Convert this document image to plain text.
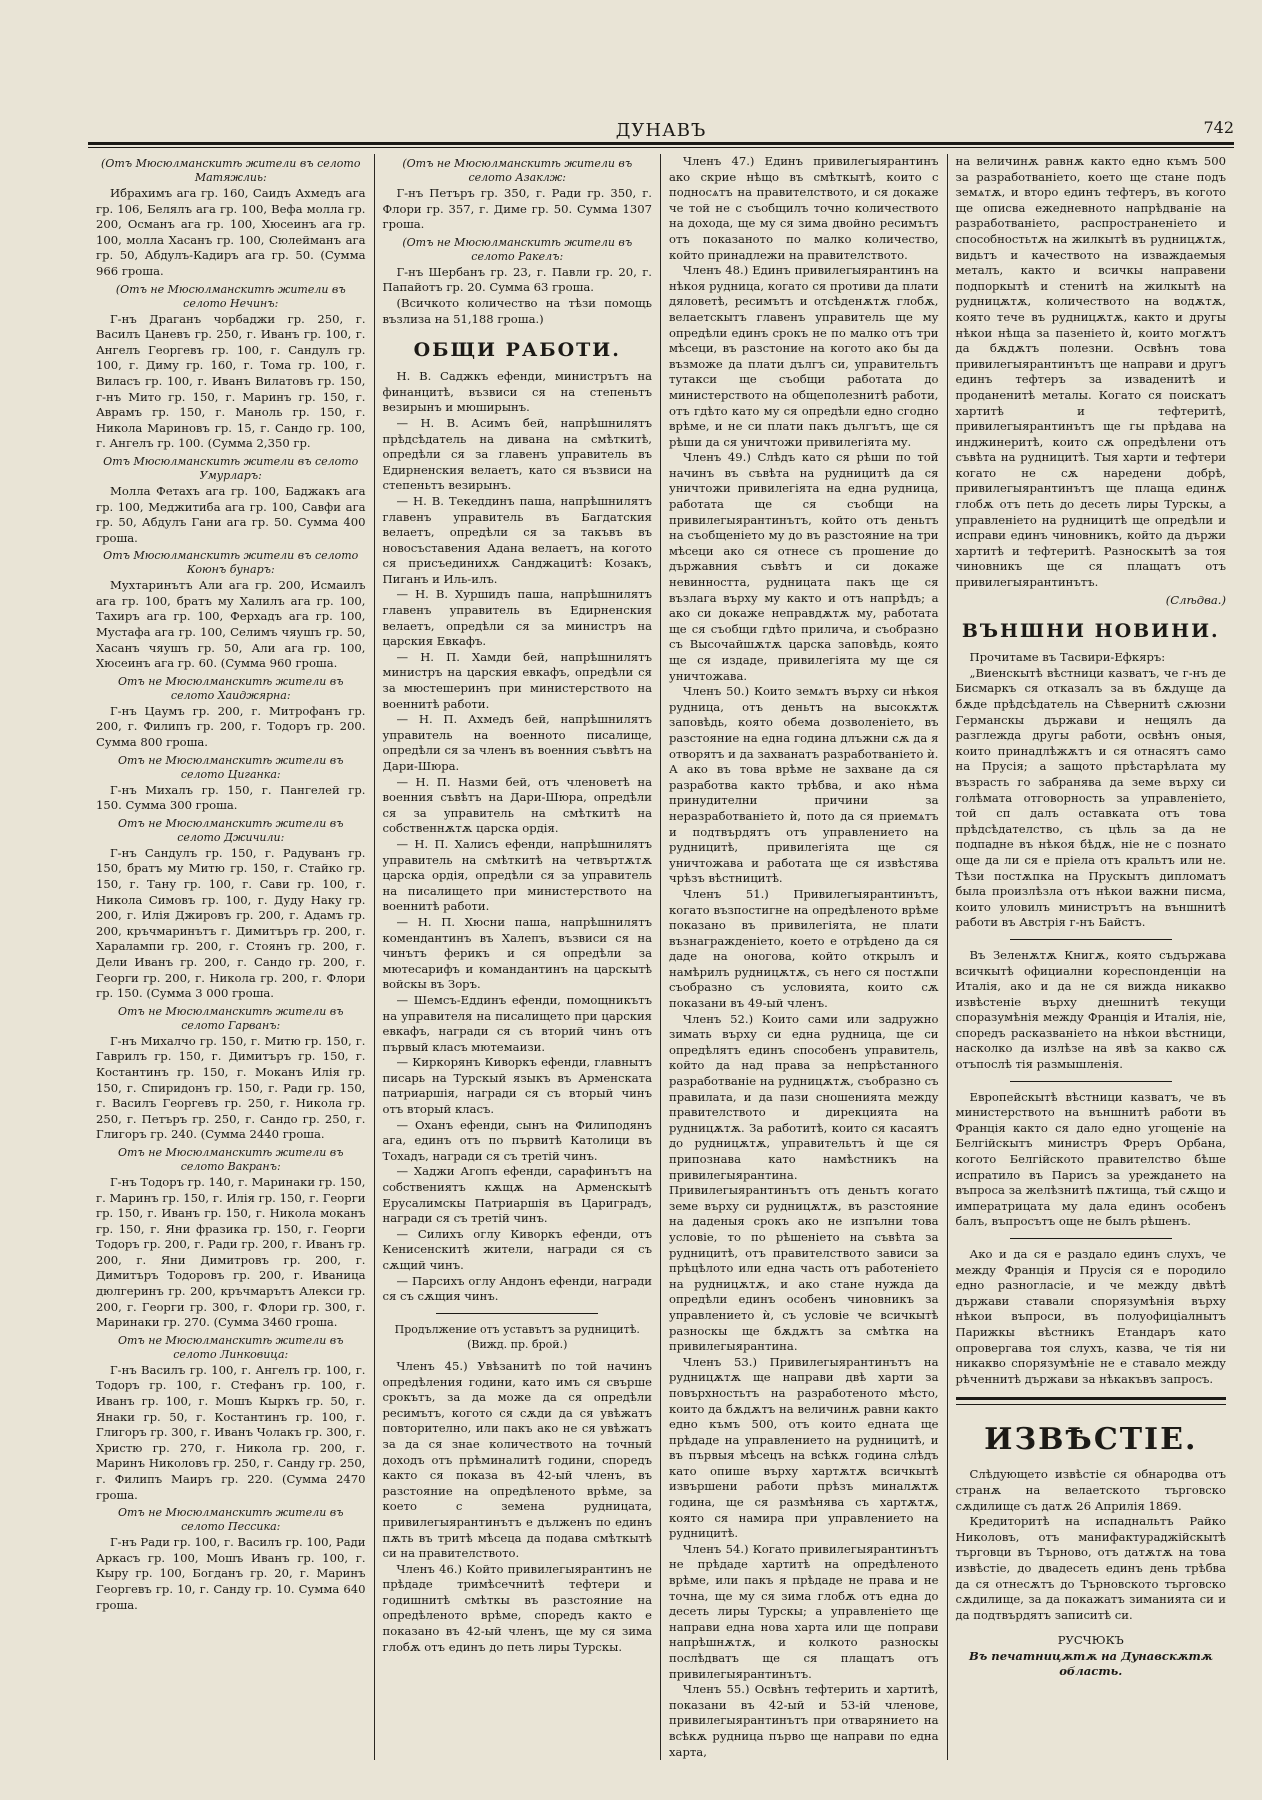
ДУНАВЪ	742
(Отъ Мюсюлманскитѣ жители въ селото Матяжлиь:

Ибрахимъ ага гр. 160, Саидъ Ахмедъ ага гр. 106, Белялъ ага гр. 100, Вефа молла гр. 200, Османъ ага гр. 100, Хюсеинъ ага гр. 100, молла Хасанъ гр. 100, Сюлейманъ ага гр. 50, Абдулъ-Кадиръ ага гр. 50. (Сумма 966 гроша.

(Отъ не Мюсюлманскитѣ жители въ селото Нечинъ:

Г-нъ Драганъ чорбаджи гр. 250, г. Василъ Цаневъ гр. 250, г. Иванъ гр. 100, г. Ангелъ Георгевъ гр. 100, г. Сандулъ гр. 100, г. Диму гр. 160, г. Тома гр. 100, г. Виласъ гр. 100, г. Иванъ Вилатовъ гр. 150, г-нъ Мито гр. 150, г. Маринъ гр. 150, г. Аврамъ гр. 150, г. Маноль гр. 150, г. Никола Мариновъ гр. 15, г. Сандо гр. 100, г. Ангелъ гр. 100. (Сумма 2,350 гр.

Отъ Мюсюлманскитѣ жители въ селото Умурларъ:

Молла Фетахъ ага гр. 100, Баджакъ ага гр. 100, Меджитиба ага гр. 100, Савфи ага гр. 50, Абдулъ Гани ага гр. 50. Сумма 400 гроша.

Отъ Мюсюлманскитѣ жители въ селото Коюнъ бунаръ:

Мухтаринътъ Али ага гр. 200, Исмаилъ ага гр. 100, братъ му Халилъ ага гр. 100, Тахиръ ага гр. 100, Ферхадъ ага гр. 100, Мустафа ага гр. 100, Селимъ чяушъ гр. 50, Хасанъ чяушъ гр. 50, Али ага гр. 100, Хюсеинъ ага гр. 60. (Сумма 960 гроша.

Отъ не Мюсюлманскитѣ жители въ селото Хаиджярна:

Г-нъ Цаумъ гр. 200, г. Митрофанъ гр. 200, г. Филипъ гр. 200, г. Тодоръ гр. 200. Сумма 800 гроша.

Отъ не Мюсюлманскитѣ жители въ селото Циганка:

Г-нъ Михалъ гр. 150, г. Пангелей гр. 150. Сумма 300 гроша.

Отъ не Мюсюлманскитѣ жители въ селото Джичили:

Г-нъ Сандулъ гр. 150, г. Радуванъ гр. 150, братъ му Митю гр. 150, г. Стайко гр. 150, г. Тану гр. 100, г. Сави гр. 100, г. Никола Симовъ гр. 100, г. Дуду Наку гр. 200, г. Илія Джировъ гр. 200, г. Адамъ гр. 200, кръчмаринътъ г. Димитъръ гр. 200, г. Харалампи гр. 200, г. Стоянъ гр. 200, г. Дели Иванъ гр. 200, г. Сандо гр. 200, г. Георги гр. 200, г. Никола гр. 200, г. Флори гр. 150. (Сумма 3 000 гроша.

Отъ не Мюсюлманскитѣ жители въ селото Гарванъ:

Г-нъ Михалчо гр. 150, г. Митю гр. 150, г. Гаврилъ гр. 150, г. Димитъръ гр. 150, г. Костантинъ гр. 150, г. Моканъ Илія гр. 150, г. Спиридонъ гр. 150, г. Ради гр. 150, г. Василъ Георгевъ гр. 250, г. Никола гр. 250, г. Петъръ гр. 250, г. Сандо гр. 250, г. Глигоръ гр. 240. (Сумма 2440 гроша.

Отъ не Мюсюлманскитѣ жители въ селото Вакранъ:

Г-нъ Тодоръ гр. 140, г. Маринаки гр. 150, г. Маринъ гр. 150, г. Илія гр. 150, г. Георги гр. 150, г. Иванъ гр. 150, г. Никола моканъ гр. 150, г. Яни фразика гр. 150, г. Георги Тодоръ гр. 200, г. Ради гр. 200, г. Иванъ гр. 200, г. Яни Димитровъ гр. 200, г. Димитъръ Тодоровъ гр. 200, г. Иваница дюлгеринъ гр. 200, кръчмарътъ Алекси гр. 200, г. Георги гр. 300, г. Флори гр. 300, г. Маринаки гр. 270. (Сумма 3460 гроша.

Отъ не Мюсюлманскитѣ жители въ селото Линковица:

Г-нъ Василъ гр. 100, г. Ангелъ гр. 100, г. Тодоръ гр. 100, г. Стефанъ гр. 100, г. Иванъ гр. 100, г. Мошъ Кыркъ гр. 50, г. Янаки гр. 50, г. Костантинъ гр. 100, г. Глигоръ гр. 300, г. Иванъ Чолакъ гр. 300, г. Христю гр. 270, г. Никола гр. 200, г. Маринъ Николовъ гр. 250, г. Санду гр. 250, г. Филипъ Маиръ гр. 220. (Сумма 2470 гроша.

Отъ не Мюсюлманскитѣ жители въ селото Пессика:

Г-нъ Ради гр. 100, г. Василъ гр. 100, Ради Аркасъ гр. 100, Мошъ Иванъ гр. 100, г. Кыру гр. 100, Богданъ гр. 20, г. Маринъ Георгевъ гр. 10, г. Санду гр. 10. Сумма 640 гроша.

(Отъ не Мюсюлманскитѣ жители въ селото Азаклж:

Г-нъ Петъръ гр. 350, г. Ради гр. 350, г. Флори гр. 357, г. Диме гр. 50. Сумма 1307 гроша.

(Отъ не Мюсюлманскитѣ жители въ селото Ракелъ:

Г-нъ Шербанъ гр. 23, г. Павли гр. 20, г. Папайотъ гр. 20. Сумма 63 гроша.

(Всичкото количество на тѣзи помощь възлиза на 51,188 гроша.)

ОБЩИ РАБОТИ.

Н. В. Саджкъ ефенди, министрътъ на финанцитѣ, възвиси ся на степеньтъ везирынъ и мюширынъ.

— Н. В. Асимъ бей, напрѣшнилятъ прѣдсѣдатель на дивана на смѣткитѣ, опредѣли ся за главенъ управитель въ Едирненския велаетъ, като ся възвиси на степеньтъ везирынъ.

— Н. В. Текеддинъ паша, напрѣшнилятъ главенъ управитель въ Багдатския велаетъ, опредѣли ся за такъвъ въ новосъставения Адана велаетъ, на когото ся присъединихѫ Санджацитѣ: Козакъ, Пиганъ и Иль-илъ.

— Н. В. Хуршидъ паша, напрѣшнилятъ главенъ управитель въ Едирненския велаетъ, опредѣли ся за министръ на царския Евкафъ.

— Н. П. Хамди бей, напрѣшнилятъ министръ на царския евкафъ, опредѣли ся за мюстешеринъ при министерството на военнитѣ работи.

— Н. П. Ахмедъ бей, напрѣшнилятъ управитель на военното писалище, опредѣли ся за членъ въ военния съвѣтъ на Дари-Шюра.

— Н. П. Назми бей, отъ членоветѣ на военния съвѣтъ на Дари-Шюра, опредѣли ся за управитель на смѣткитѣ на собственнѫтѫ царска ордія.

— Н. П. Халисъ ефенди, напрѣшнилятъ управитель на смѣткитѣ на четвъртѫтѫ царска ордія, опредѣли ся за управитель на писалището при министерството на военнитѣ работи.

— Н. П. Хюсни паша, напрѣшнилятъ комендантинъ въ Халепъ, възвиси ся на чинътъ ферикъ и ся опредѣли за мютесарифъ и командантинъ на царскытѣ войскы въ Зоръ.

— Шемсъ-Еддинъ ефенди, помощникътъ на управителя на писалището при царския евкафъ, награди ся съ вторий чинъ отъ първый класъ мютемаизи.

— Киркорянъ Киворкъ ефенди, главнытъ писарь на Турскый языкъ въ Арменската патриаршія, награди ся съ вторый чинъ отъ вторый класъ.

— Оханъ ефенди, сынъ на Филиподянъ ага, единъ отъ по първитѣ Католици въ Тохадъ, награди ся съ третій чинъ.

— Хаджи Агопъ ефенди, сарафинътъ на собствениятъ кѫщѫ на Арменскытѣ Ерусалимскы Патриаршія въ Цариградъ, награди ся съ третій чинъ.

— Силихъ оглу Киворкъ ефенди, отъ Кенисенскитѣ жители, награди ся съ сѫщий чинъ.

— Парсихъ оглу Андонъ ефенди, награди ся съ сѫщия чинъ.

Продължение отъ уставътъ за рудницитѣ. (Вижд. пр. брой.)

Членъ 45.) Увѣзанитѣ по той начинъ опредѣления години, като имъ ся свърше срокътъ, за да може да ся опредѣли ресимътъ, когото ся сѫди да ся увѣжатъ повторително, или пакъ ако не ся увѣжатъ за да ся знае количеството на точный доходъ отъ прѣминалитѣ години, споредъ както ся показа въ 42-ый членъ, въ разстояние на опредѣленото врѣме, за което с земена рудницата, привилегыярантинътъ е дълженъ по единъ пѫть въ тритѣ мѣсеца да подава смѣткытѣ си на правителството.

Членъ 46.) Който привилегыярантинъ не прѣдаде тримѣсечнитѣ тефтери и годишнитѣ смѣткы въ разстояние на опредѣленото врѣме, споредъ както е показано въ 42-ый членъ, ще му ся зима глобѫ отъ единъ до петь лиры Турскы.

Членъ 47.) Единъ привилегыярантинъ ако скрие нѣщо въ смѣткытѣ, които с подносѧтъ на правителството, и ся докаже че той не с съобщилъ точно количеството на дохода, ще му ся зима двойно ресимътъ отъ показаното по малко количество, който принадлежи на правителството.

Членъ 48.) Единъ привилегыярантинъ на нѣкоя рудница, когато ся противи да плати дяловетѣ, ресимътъ и отсѣденѫтѫ глобѫ, велаетскытъ главенъ управитель ще му опредѣли единъ срокъ не по малко отъ три мѣсеци, въ разстоние на когото ако бы да възможе да плати дългъ си, управительтъ тутакси ще съобщи работата до министерството на общеполезнитѣ работи, отъ гдѣто като му ся опредѣли едно сгодно врѣме, и не си плати пакъ дългътъ, ще ся рѣши да ся уничтожи привилегіята му.

Членъ 49.) Слѣдъ като ся рѣши по той начинъ въ съвѣта на рудницитѣ да ся уничтожи привилегіята на една рудница, работата ще ся съобщи на привилегыярантинътъ, който отъ деньтъ на съобщеніето му до въ разстояние на три мѣсеци ако ся отнесе съ прошение до държавния съвѣтъ и си докаже невинността, рудницата пакъ ще ся възлага върху му както и отъ напрѣдъ; а ако си докаже неправдѫтѫ му, работата ще ся съобщи гдѣто прилича, и съобразно съ Высочайшѫтѫ царска заповѣдь, която ще ся издаде, привилегіята му ще ся уничтожава.

Членъ 50.) Които земѧтъ върху си нѣкоя рудница, отъ деньтъ на высокѫтѫ заповѣдь, която обема дозволеніето, въ разстояние на една година длъжни сѫ да я отворятъ и да захванатъ разработваніето ѝ. А ако въ това врѣме не захване да ся разработва както трѣбва, и ако нѣма принудителни причини за неразработваніето ѝ, пото да ся приемѧтъ и подтвърдятъ отъ управлението на рудницитѣ, привилегіята ще ся уничтожава и работата ще ся извѣстява чрѣзъ вѣстницитѣ.

Членъ 51.) Привилегыярантинътъ, когато възпостигне на опредѣленото врѣме показано въ привилегіята, не плати възнагражденіето, което е отрѣдено да ся даде на оногова, който открылъ и намѣрилъ рудницѫтѫ, съ него ся постѫпи съобразно съ условията, които сѫ показани въ 49-ый членъ.

Членъ 52.) Които сами или задружно зимать върху си една рудница, ще си опредѣлятъ единъ способенъ управитель, който да над права за непрѣстанного разработваніе на рудницѫтѫ, съобразно съ правилата, и да пази сношенията между правителството и дирекцията на рудницѫтѫ. За работитѣ, които ся касаятъ до рудницѫтѫ, управительтъ ѝ ще ся припознава като намѣстникъ на привилегыярантина. Привилегыярантинътъ отъ деньтъ когато земе върху си рудницѫтѫ, въ разстояние на даденыя срокъ ако не изпълни това условіе, то по рѣшеніето на съвѣта за рудницитѣ, отъ правителството зависи за прѣцѣлото или една часть отъ работеніето на рудницѫтѫ, и ако стане нужда да опредѣли единъ особенъ чиновникъ за управлението ѝ, съ условіе че всичкытѣ разноскы ще бѫдѫтъ за смѣтка на привилегыярантина.

Членъ 53.) Привилегыярантинътъ на рудницѫтѫ ще направи двѣ харти за повърхностьтъ на разработеното мѣсто, които да бѫдѫтъ на величинѫ равни както едно къмъ 500, отъ които едната ще прѣдаде на управлението на рудницитѣ, и въ първыя мѣсецъ на всѣкѫ година слѣдъ като опише върху хартѫтѫ всичкытѣ извършени работи прѣзъ миналѫтѫ година, ще ся размѣнява съ хартѫтѫ, която ся намира при управлението на рудницитѣ.

Членъ 54.) Когато привилегыярантинътъ не прѣдаде хартитѣ на опредѣленото врѣме, или пакъ я прѣдаде не права и не точна, ще му ся зима глобѫ отъ една до десеть лиры Турскы; а управленіето ще направи една нова харта или ще поправи напрѣшнѫтѫ, и колкото разноскы послѣдватъ ще ся плащатъ отъ привилегыярантинътъ.

Членъ 55.) Освѣнъ тефтерить и хартитѣ, показани въ 42-ый и 53-ій членове, привилегыярантинътъ при отварянието на всѣкѫ рудница първо ще направи по една харта,

на величинѫ равнѫ както едно къмъ 500 за разработваніето, което ще стане подъ земѧтѫ, и второ единъ тефтеръ, въ когото ще описва ежедневното напрѣдваніе на разработваніето, распространеніето и способностьтѫ на жилкытѣ въ рудницѫтѫ, видьтъ и качеството на изваждаемыя металъ, както и всичкы направени подпоркытѣ и стенитѣ на жилкытѣ на рудницѫтѫ, количеството на водѫтѫ, която тече въ рудницѫтѫ, както и другы нѣкои нѣща за пазеніето ѝ, които могѫтъ да бѫдѫтъ полезни. Освѣнъ това привилегыярантинътъ ще направи и другъ единъ тефтеръ за изваденитѣ и проданенитѣ металы. Когато ся поискатъ хартитѣ и тефтеритѣ, привилегыярантинътъ ще гы прѣдава на инджинеритѣ, които сѫ опредѣлени отъ съвѣта на рудницитѣ. Тыя харти и тефтери когато не сѫ наредени добрѣ, привилегыярантинътъ ще плаща единѫ глобѫ отъ петь до десеть лиры Турскы, а управленіето на рудницитѣ ще опредѣли и исправи единъ чиновникъ, който да държи хартитѣ и тефтеритѣ. Разноскытѣ за тоя чиновникъ ще ся плащатъ отъ привилегыярантинътъ.

(Слѣдва.)
ВЪНШНИ НОВИНИ.

Прочитаме въ Тасвири-Ефкяръ:

„Виенскытѣ вѣстници казватъ, че г-нъ де Бисмаркъ ся отказалъ за въ бѫдуще да бѫде прѣдсѣдатель на Сѣвернитѣ сѫюзни Германскы държави и нещялъ да разглежда другы работи, освѣнъ оныя, които принадлѣжѫтъ и ся отнасятъ само на Прусія; а защото прѣстарѣлата му възрасть го забранява да земе върху си голѣмата отговорность за управленіето, той сп далъ оставката отъ това прѣдсѣдателство, съ цѣль за да не подпадне въ нѣкоя бѣдѫ, ніе не с познато още да ли ся е пріела отъ кральтъ или не. Тѣзи постѫпка на Прускытъ дипломатъ была произлѣзла отъ нѣкои важни писма, които уловилъ министрътъ на външнитѣ работи въ Австрія г-нъ Байстъ.

Въ Зеленѫтѫ Книгѫ, която съдържава всичкытѣ официални кореспонденціи на Италія, ако и да не ся вижда никакво извѣстеніе върху днешнитѣ текущи споразумѣнія между Франція и Италія, ніе, споредъ расказваніето на нѣкои вѣстници, насколко да излѣзе на явѣ за какво сѫ отъпослѣ тія размышленія.

Европейскытѣ вѣстници казватъ, че въ министерството на външнитѣ работи въ Франція както ся дало едно угощеніе на Белгійскытъ министръ Фреръ Орбана, когото Белгійското правителство бѣше испратило въ Парисъ за уреждането на въпроса за желѣзнитѣ пѫтища, тъй сѫщо и императрицата му дала единъ особенъ балъ, въпросътъ още не былъ рѣшенъ.

Ако и да ся е раздало единъ слухъ, че между Франція и Прусія ся е породило едно разногласіе, и че между двѣтѣ държави ставали спорязумѣнія върху нѣкои въпроси, въ полуофиціалнытъ Парижкы вѣстникъ Етандаръ като опровергава тоя слухъ, казва, че тія ни никакво спорязумѣніе не е ставало между рѣченнитѣ държави за нѣкакъвъ запросъ.

ИЗВѢСТІЕ.

Слѣдующето извѣстіе ся обнародва отъ странѫ на велаетското търговско сѫдилище съ датѫ 26 Априлія 1869.

Кредиторитѣ на испаднальтъ Райко Николовъ, отъ манифактураджійскытѣ търговци въ Търново, отъ датѫтѫ на това извѣстіе, до двадесеть единъ день трѣбва да ся отнесѫтъ до Търновското търговско сѫдилище, за да покажатъ зиманията си и да подтвърдятъ записитѣ си.

РУСЧЮКЪ
Въ печатницѫтѫ на Дунавскѫтѫ область.
